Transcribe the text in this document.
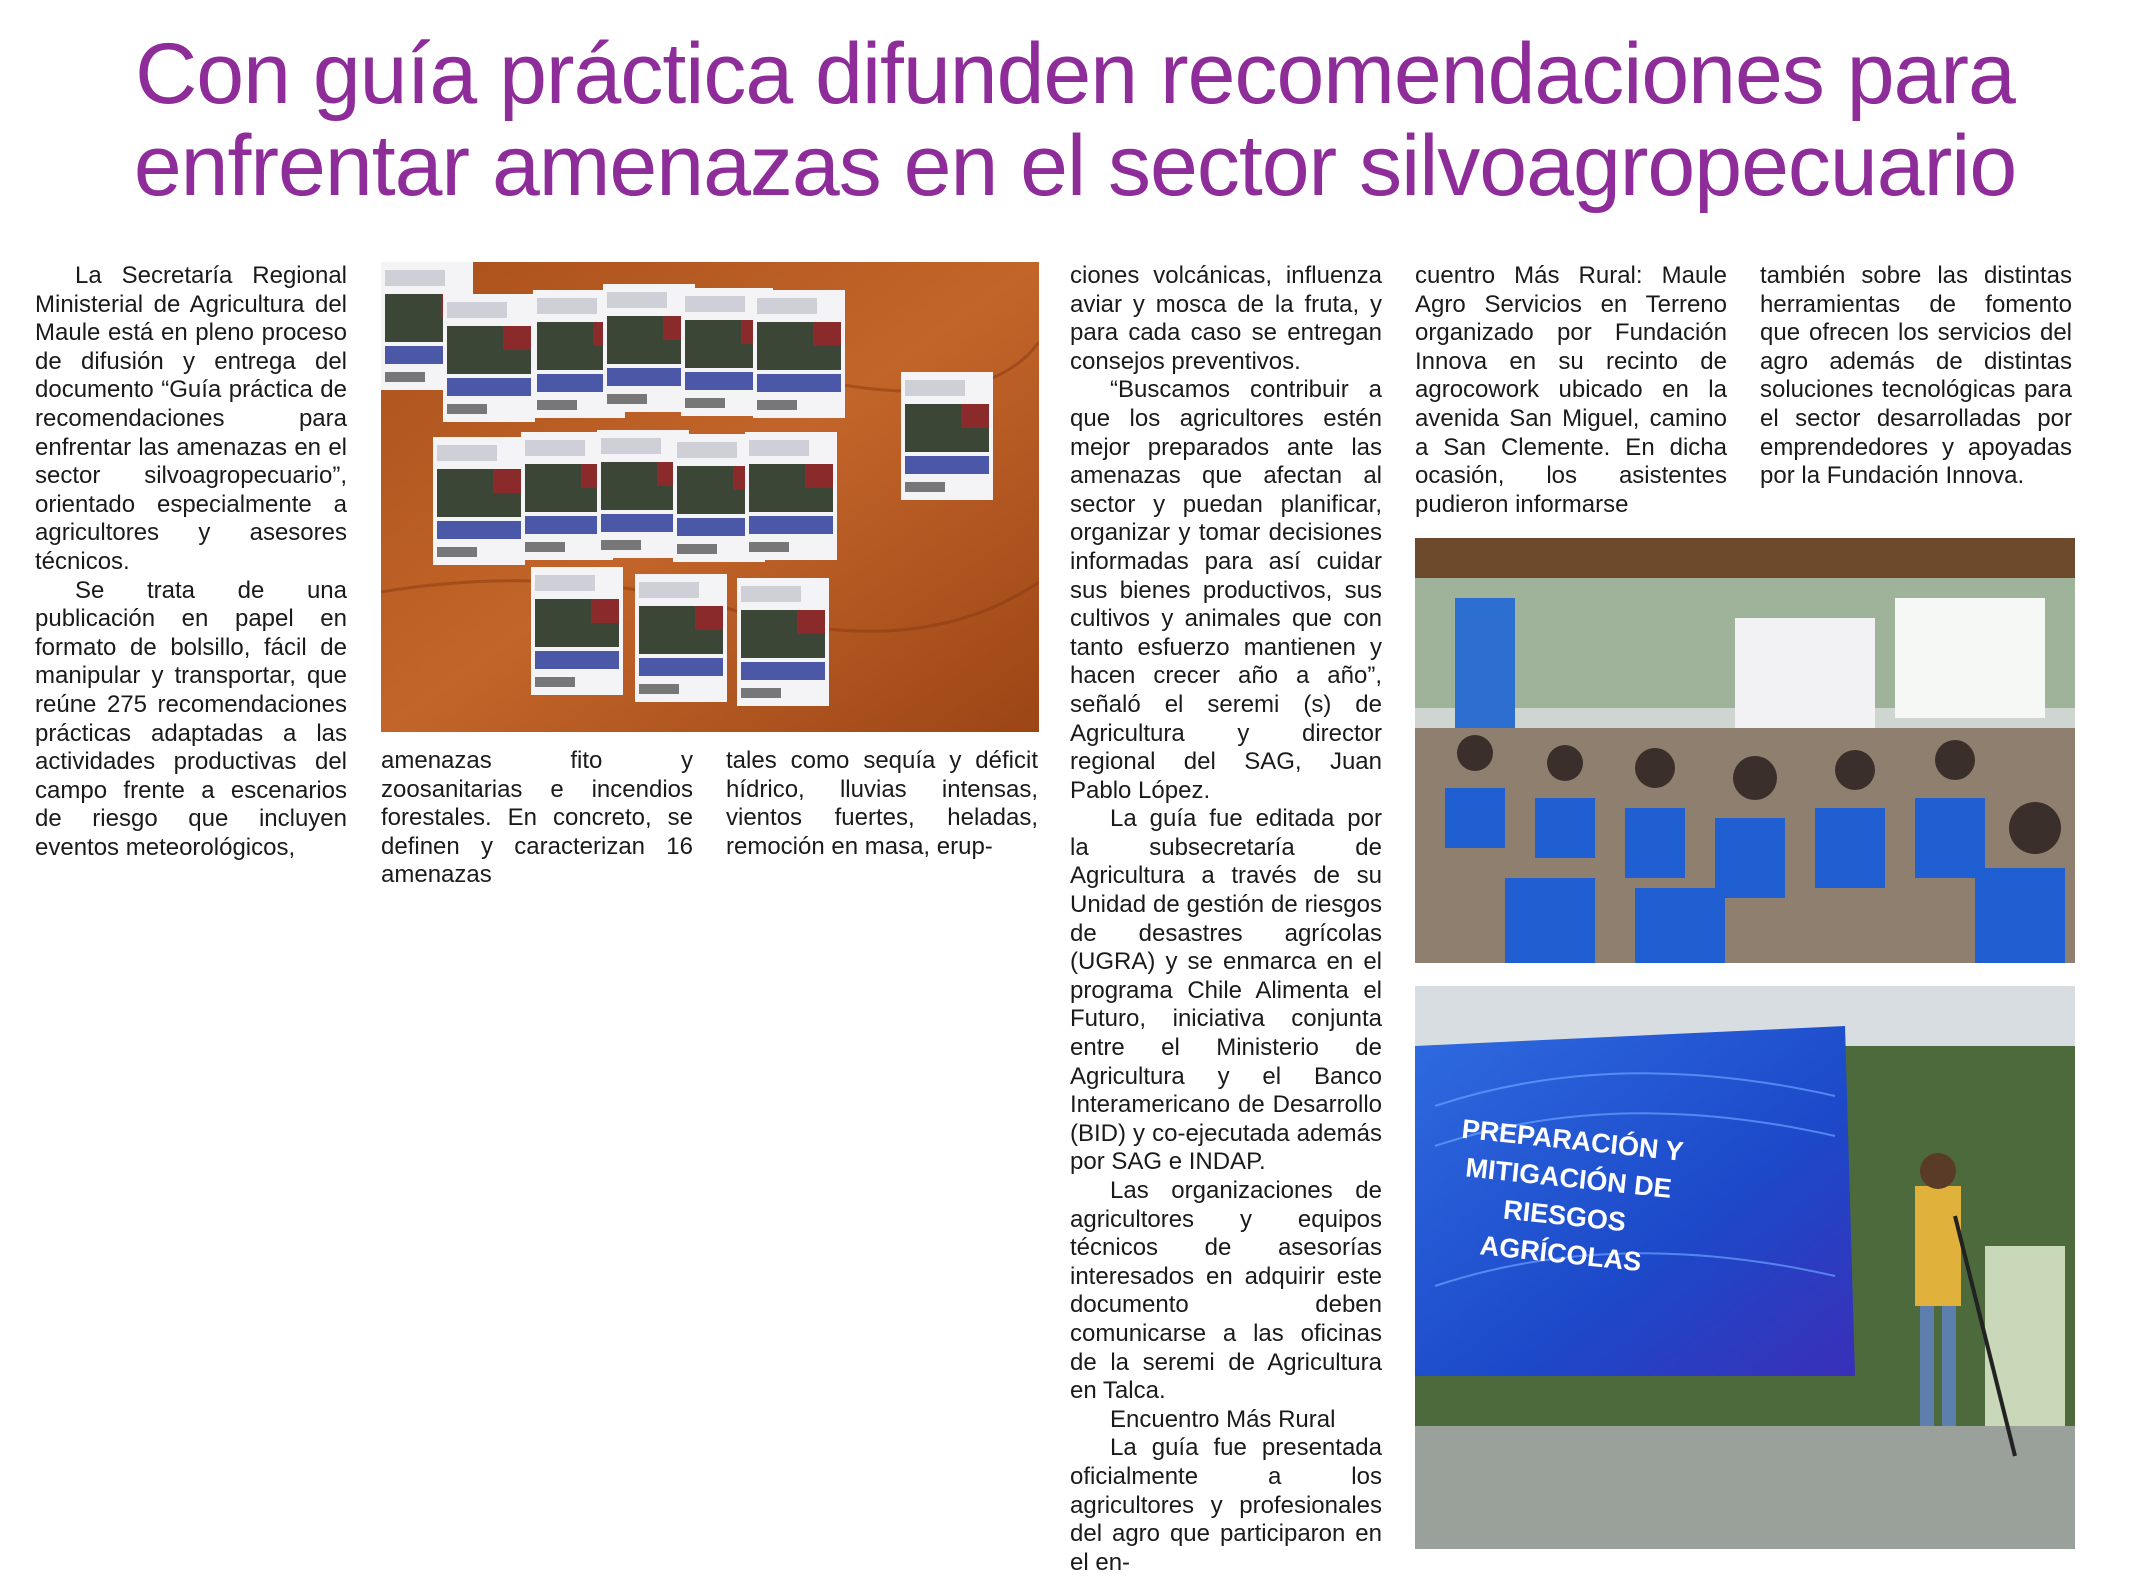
Con guía práctica difunden recomendaciones para
enfrentar amenazas en el sector silvoagropecuario

La Secretaría Regional Ministerial de Agricultura del Maule está en pleno proceso de difusión y entrega del documento “Guía práctica de recomendaciones para enfrentar las amenazas en el sector silvoagropecuario”, orientado especialmente a agricultores y asesores técnicos.

Se trata de una publicación en papel en formato de bolsillo, fácil de manipular y transportar, que reúne 275 recomendaciones prácticas adaptadas a las actividades productivas del campo frente a escenarios de riesgo que incluyen eventos meteorológicos,

amenazas fito y zoosanitarias e incendios forestales. En concreto, se definen y caracterizan 16 amenazas

tales como sequía y déficit hídrico, lluvias intensas, vientos fuertes, heladas, remoción en masa, erup-

ciones volcánicas, influenza aviar y mosca de la fruta, y para cada caso se entregan consejos preventivos.

“Buscamos contribuir a que los agricultores estén mejor preparados ante las amenazas que afectan al sector y puedan planificar, organizar y tomar decisiones informadas para así cuidar sus bienes productivos, sus cultivos y animales que con tanto esfuerzo mantienen y hacen crecer año a año”, señaló el seremi (s) de Agricultura y director regional del SAG, Juan Pablo López.

La guía fue editada por la subsecretaría de Agricultura a través de su Unidad de gestión de riesgos de desastres agrícolas (UGRA) y se enmarca en el programa Chile Alimenta el Futuro, iniciativa conjunta entre el Ministerio de Agricultura y el Banco Interamericano de Desarrollo (BID) y co-ejecutada además por SAG e INDAP.

Las organizaciones de agricultores y equipos técnicos de asesorías interesados en adquirir este documento deben comunicarse a las oficinas de la seremi de Agricultura en Talca.

Encuentro Más Rural

La guía fue presentada oficialmente a los agricultores y profesionales del agro que participaron en el en-

cuentro Más Rural: Maule Agro Servicios en Terreno organizado por Fundación Innova en su recinto de agrocowork ubicado en la avenida San Miguel, camino a San Clemente. En dicha ocasión, los asistentes pudieron informarse

también sobre las distintas herramientas de fomento que ofrecen los servicios del agro además de distintas soluciones tecnológicas para el sector desarrolladas por emprendedores y apoyadas por la Fundación Innova.

PREPARACIÓN Y MITIGACIÓN DE
RIESGOS AGRÍCOLAS
